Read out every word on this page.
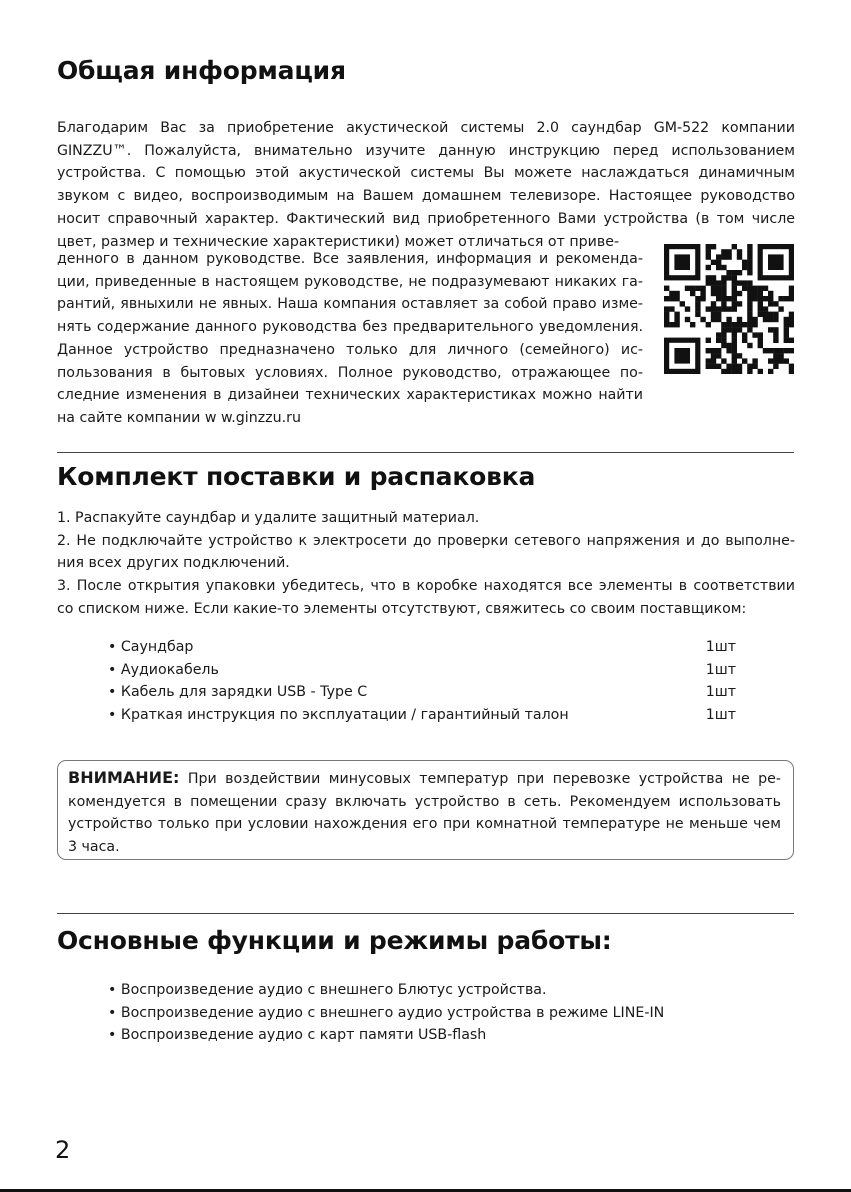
Общая информация

Благодарим Вас за приобретение акустической системы 2.0 саундбар GM-522 компании GINZZU™. Пожалуйста, внимательно изучите данную инструкцию перед использованием устройства. С помощью этой акустической системы Вы можете наслаждаться динамичным звуком с видео, воспроизводимым на Вашем домашнем телевизоре. Настоящее руководство носит справочный характер. Фактический вид приобретенного Вами устройства (в том числе цвет, размер и технические характеристики) может отличаться от приве-

денного в данном руководстве. Все заявления, информация и рекоменда- ции, приведенные в настоящем руководстве, не подразумевают никаких га- рантий, явныхили не явных. Наша компания оставляет за собой право изме- нять содержание данного руководства без предварительного уведомления. Данное устройство предназначено только для личного (семейного) ис- пользования в бытовых условиях. Полное руководство, отражающее по- следние изменения в дизайнеи технических характеристиках можно найти на сайте компании w w.ginzzu.ru

Комплект поставки и распаковка
1. Распакуйте саундбар и удалите защитный материал.
2. Не подключайте устройство к электросети до проверки сетевого напряжения и до выполне- ния всех других подключений.
3. После открытия упаковки убедитесь, что в коробке находятся все элементы в соответствии со списком ниже. Если какие-то элементы отсутствуют, свяжитесь со своим поставщиком:
• Саундбар	1шт
• Аудиокабель	1шт
• Кабель для зарядки USB - Type C	1шт
• Краткая инструкция по эксплуатации / гарантийный талон	1шт
ВНИМАНИЕ: При воздействии минусовых температур при перевозке устройства не ре- комендуется в помещении сразу включать устройство в сеть. Рекомендуем использовать устройство только при условии нахождения его при комнатной температуре не меньше чем 3 часа.
Основные функции и режимы работы:
• Воспроизведение аудио с внешнего Блютус устройства.
• Воспроизведение аудио с внешнего аудио устройства в режиме LINE-IN
• Воспроизведение аудио с карт памяти USB-flash
2
